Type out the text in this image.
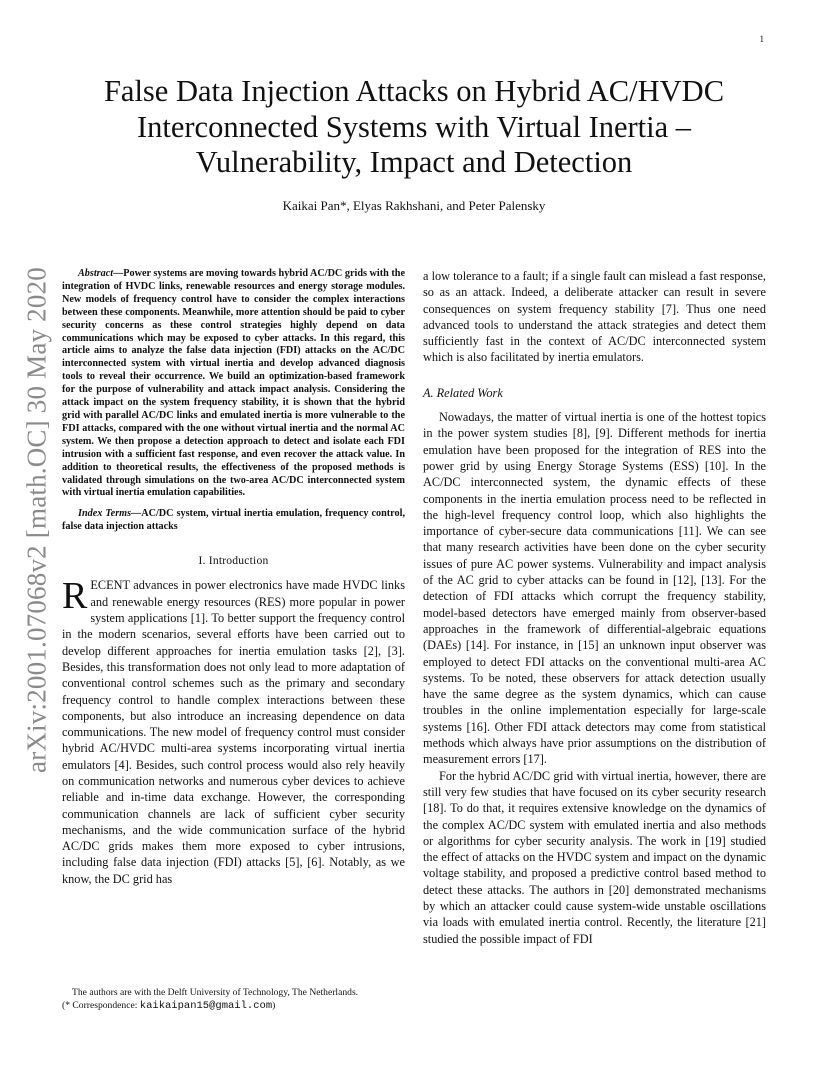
1
arXiv:2001.07068v2 [math.OC] 30 May 2020
False Data Injection Attacks on Hybrid AC/HVDC
Interconnected Systems with Virtual Inertia –
Vulnerability, Impact and Detection
Kaikai Pan*, Elyas Rakhshani, and Peter Palensky

Abstract—Power systems are moving towards hybrid AC/DC grids with the integration of HVDC links, renewable resources and energy storage modules. New models of frequency control have to consider the complex interactions between these components. Meanwhile, more attention should be paid to cyber security concerns as these control strategies highly depend on data communications which may be exposed to cyber attacks. In this regard, this article aims to analyze the false data injection (FDI) attacks on the AC/DC interconnected system with virtual inertia and develop advanced diagnosis tools to reveal their occurrence. We build an optimization-based framework for the purpose of vulnerability and attack impact analysis. Considering the attack impact on the system frequency stability, it is shown that the hybrid grid with parallel AC/DC links and emulated inertia is more vulnerable to the FDI attacks, compared with the one without virtual inertia and the normal AC system. We then propose a detection approach to detect and isolate each FDI intrusion with a sufficient fast response, and even recover the attack value. In addition to theoretical results, the effectiveness of the proposed methods is validated through simulations on the two-area AC/DC interconnected system with virtual inertia emulation capabilities.

Index Terms—AC/DC system, virtual inertia emulation, frequency control, false data injection attacks

I. Introduction

RECENT advances in power electronics have made HVDC links and renewable energy resources (RES) more popular in power system applications [1]. To better support the frequency control in the modern scenarios, several efforts have been carried out to develop different approaches for inertia emulation tasks [2], [3]. Besides, this transformation does not only lead to more adaptation of conventional control schemes such as the primary and secondary frequency control to handle complex interactions between these components, but also introduce an increasing dependence on data communications. The new model of frequency control must consider hybrid AC/HVDC multi-area systems incorporating virtual inertia emulators [4]. Besides, such control process would also rely heavily on communication networks and numerous cyber devices to achieve reliable and in-time data exchange. However, the corresponding communication channels are lack of sufficient cyber security mechanisms, and the wide communication surface of the hybrid AC/DC grids makes them more exposed to cyber intrusions, including false data injection (FDI) attacks [5], [6]. Notably, as we know, the DC grid has

a low tolerance to a fault; if a single fault can mislead a fast response, so as an attack. Indeed, a deliberate attacker can result in severe consequences on system frequency stability [7]. Thus one need advanced tools to understand the attack strategies and detect them sufficiently fast in the context of AC/DC interconnected system which is also facilitated by inertia emulators.

A. Related Work

Nowadays, the matter of virtual inertia is one of the hottest topics in the power system studies [8], [9]. Different methods for inertia emulation have been proposed for the integration of RES into the power grid by using Energy Storage Systems (ESS) [10]. In the AC/DC interconnected system, the dynamic effects of these components in the inertia emulation process need to be reflected in the high-level frequency control loop, which also highlights the importance of cyber-secure data communications [11]. We can see that many research activities have been done on the cyber security issues of pure AC power systems. Vulnerability and impact analysis of the AC grid to cyber attacks can be found in [12], [13]. For the detection of FDI attacks which corrupt the frequency stability, model-based detectors have emerged mainly from observer-based approaches in the framework of differential-algebraic equations (DAEs) [14]. For instance, in [15] an unknown input observer was employed to detect FDI attacks on the conventional multi-area AC systems. To be noted, these observers for attack detection usually have the same degree as the system dynamics, which can cause troubles in the online implementation especially for large-scale systems [16]. Other FDI attack detectors may come from statistical methods which always have prior assumptions on the distribution of measurement errors [17].

For the hybrid AC/DC grid with virtual inertia, however, there are still very few studies that have focused on its cyber security research [18]. To do that, it requires extensive knowledge on the dynamics of the complex AC/DC system with emulated inertia and also methods or algorithms for cyber security analysis. The work in [19] studied the effect of attacks on the HVDC system and impact on the dynamic voltage stability, and proposed a predictive control based method to detect these attacks. The authors in [20] demonstrated mechanisms by which an attacker could cause system-wide unstable oscillations via loads with emulated inertia control. Recently, the literature [21] studied the possible impact of FDI

The authors are with the Delft University of Technology, The Netherlands.

(* Correspondence: kaikaipan15@gmail.com)
